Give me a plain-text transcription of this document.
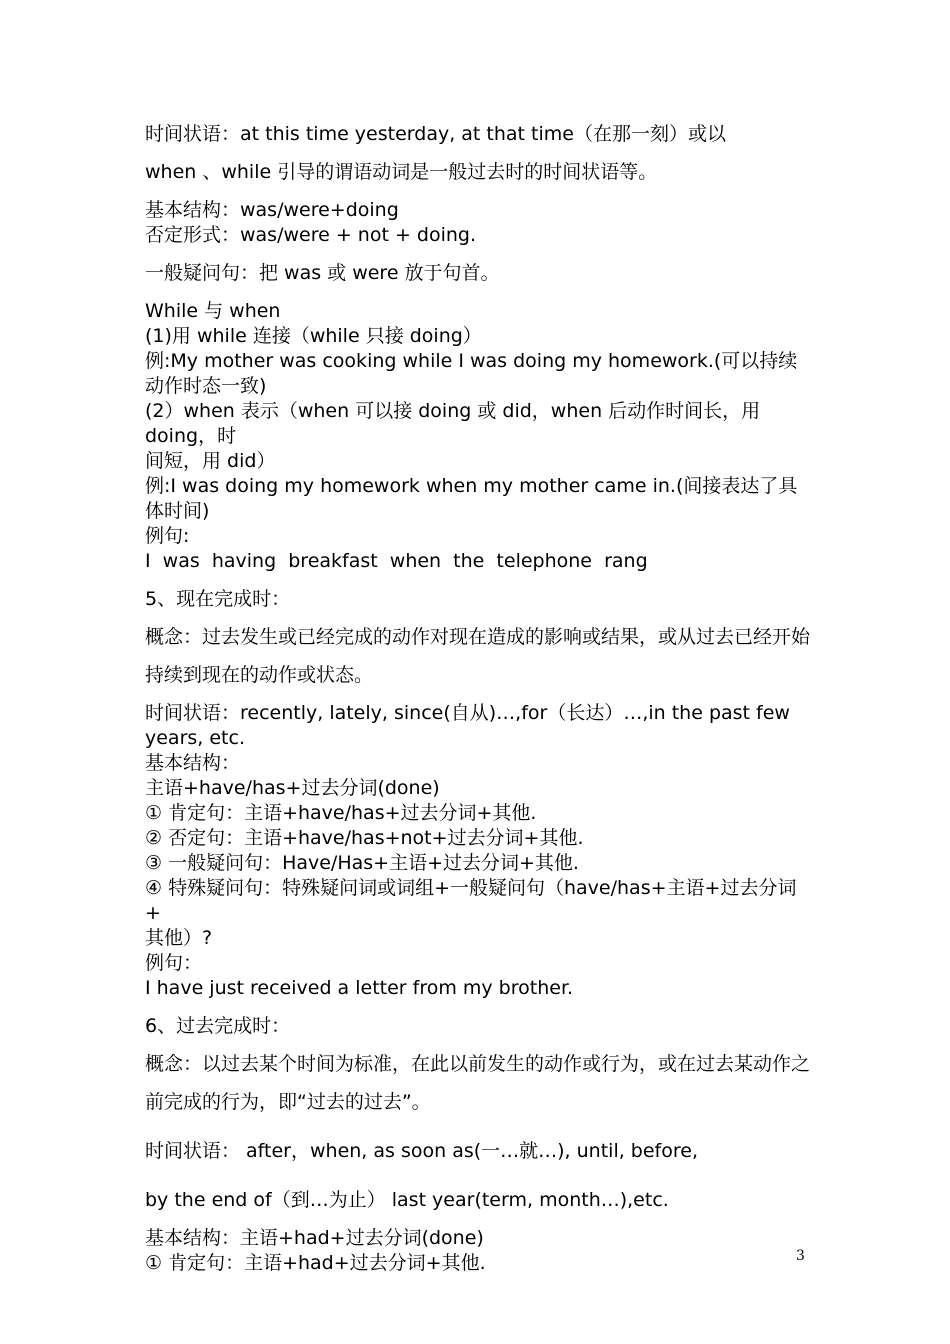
时间状语：at this time yesterday, at that time（在那一刻）或以

when 、while 引导的谓语动词是一般过去时的时间状语等。

基本结构：was/were+doing

否定形式：was/were + not + doing.

一般疑问句：把 was 或 were 放于句首。

While 与 when

(1)用 while 连接（while 只接 doing）

例:My mother was cooking while I was doing my homework.(可以持续

动作时态一致)

(2）when 表示（when 可以接 doing 或 did，when 后动作时间长，用 doing，时

间短，用 did）

例:I was doing my homework when my mother came in.(间接表达了具

体时间)

例句:

I  was  having  breakfast  when  the  telephone  rang

5、现在完成时：

概念：过去发生或已经完成的动作对现在造成的影响或结果，或从过去已经开始

持续到现在的动作或状态。

时间状语：recently, lately, since(自从)…,for（长达）…,in the past few

years, etc.

基本结构：

主语+have/has+过去分词(done)

① 肯定句：主语+have/has+过去分词+其他.

② 否定句：主语+have/has+not+过去分词+其他.

③ 一般疑问句：Have/Has+主语+过去分词+其他.

④ 特殊疑问句：特殊疑问词或词组+一般疑问句（have/has+主语+过去分词+

其他）?

例句：

I have just received a letter from my brother.

6、过去完成时：

概念：以过去某个时间为标准，在此以前发生的动作或行为，或在过去某动作之

前完成的行为，即“过去的过去”。

时间状语： after，when, as soon as(一…就…), until, before,

by the end of（到…为止） last year(term, month…),etc.

基本结构：主语+had+过去分词(done)

① 肯定句：主语+had+过去分词+其他.	3
